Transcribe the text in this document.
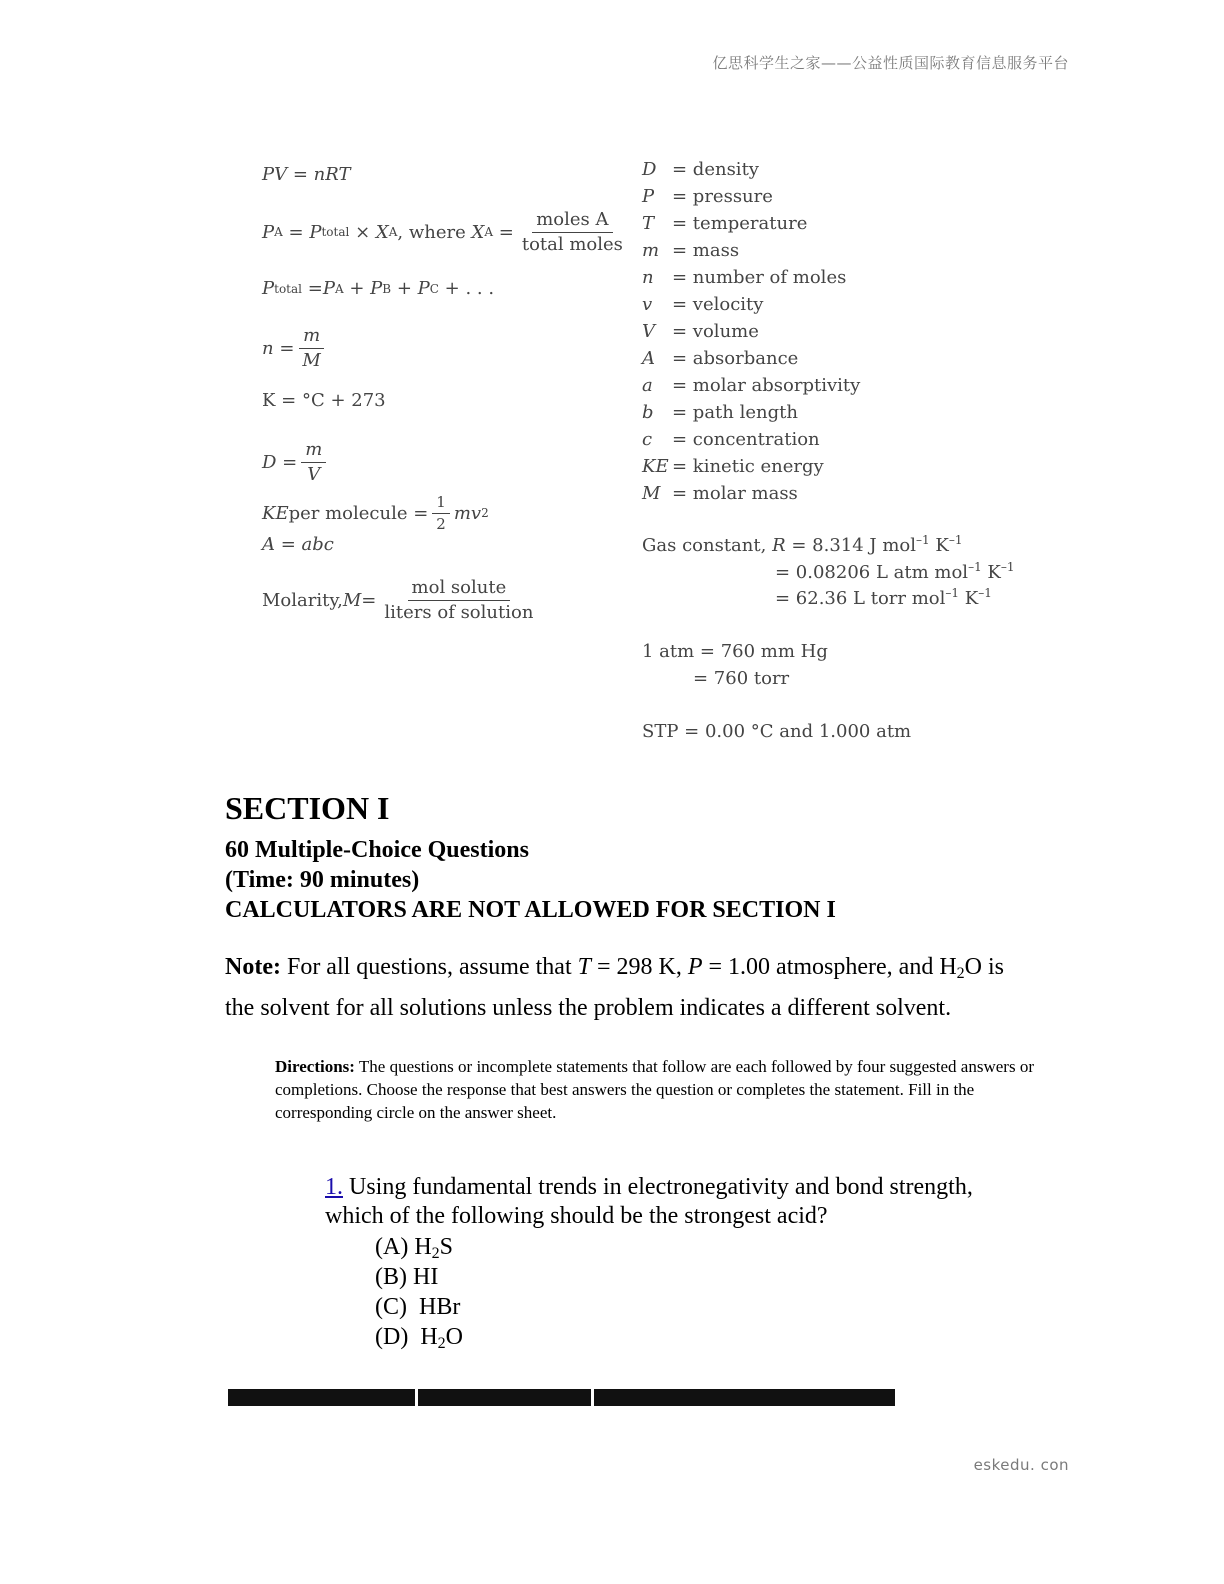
亿思科学生之家——公益性质国际教育信息服务平台
PV = nRT
P A
=
P total
×
X A , where
X A
= $\frac{\text{moles A}}{\text{total moles}}$
P total
= P A + P B + P C + . . .
$n = \frac{m}{M}$
K = °C + 273
$D = \frac{m}{V}$
KE per molecule = $\frac{1}{2}$ mv 2
A = abc
Molarity, $M = \frac{\text{mol solute}}{\text{liters of solution}}$
D = density
P = pressure
T = temperature
m = mass
n	= number of moles
v	= velocity
V = volume
A = absorbance
a	= molar absorptivity
b	= path length
c	= concentration
KE = kinetic energy
M = molar mass
Gas constant, R = 8.314 J mol$^{-1}$ $K^{-1}$
= 0.08206 L atm mol$^{-1}$ $K^{-1}$
= 62.36 L torr mol$^{-1}$ $K^{-1}$
1 atm = 760 mm Hg
= 760 torr
STP = 0.00 °C and 1.000 atm
SECTION I
60 Multiple-Choice Questions
(Time: 90 minutes)
CALCULATORS ARE NOT ALLOWED FOR SECTION I
Note: For all questions, assume that T = 298 K, P = 1.00 atmosphere, and $H_2O$ is the solvent for all solutions unless the problem indicates a different solvent.
Directions: The questions or incomplete statements that follow are each followed by four suggested answers or completions. Choose the response that best answers the question or completes the statement. Fill in the corresponding circle on the answer sheet.
1. Using fundamental trends in electronegativity and bond strength, which of the following should be the strongest acid?
(A) $H_2S$
(B) HI
(C)  HBr
(D)  $H_2O$
eskedu. con
